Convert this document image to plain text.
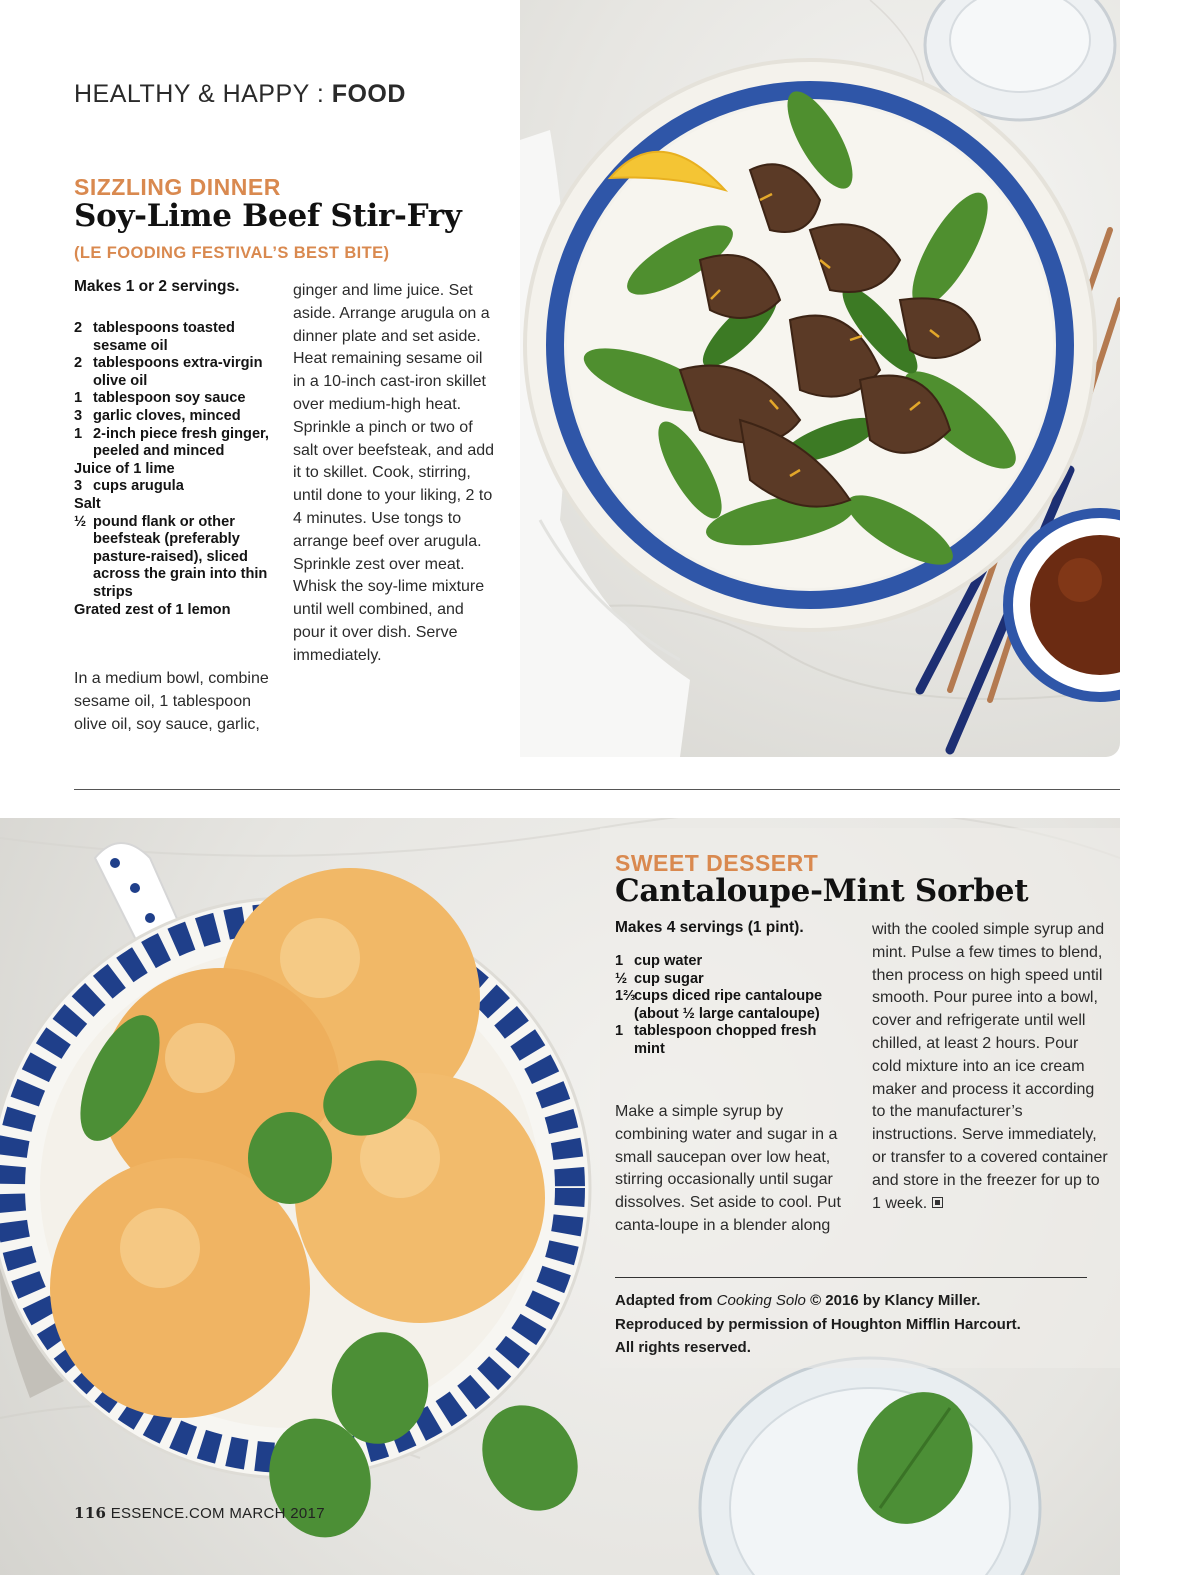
HEALTHY & HAPPY : FOOD
SIZZLING DINNER
Soy-Lime Beef Stir-Fry
(LE FOODING FESTIVAL’S BEST BITE)
Makes 1 or 2 servings.
2 tablespoons toasted sesame oil
2 tablespoons extra-virgin olive oil
1 tablespoon soy sauce
3 garlic cloves, minced
1 2-inch piece fresh ginger, peeled and minced
Juice of 1 lime
3 cups arugula
Salt
½ pound flank or other beefsteak (preferably pasture-raised), sliced across the grain into thin strips
Grated zest of 1 lemon
In a medium bowl, combine sesame oil, 1 tablespoon olive oil, soy sauce, garlic,
ginger and lime juice. Set aside. Arrange arugula on a dinner plate and set aside. Heat remaining sesame oil in a 10-inch cast-iron skillet over medium-high heat. Sprinkle a pinch or two of salt over beefsteak, and add it to skillet. Cook, stirring, until done to your liking, 2 to 4 minutes. Use tongs to arrange beef over arugula. Sprinkle zest over meat. Whisk the soy-lime mixture until well combined, and pour it over dish. Serve immediately.
SWEET DESSERT
Cantaloupe-Mint Sorbet
Makes 4 servings (1 pint).
1 cup water
½ cup sugar
1⅔
cups diced ripe cantaloupe (about ½ large cantaloupe)
1 tablespoon chopped fresh mint
Make a simple syrup by combining water and sugar in a small saucepan over low heat, stirring occasionally until sugar dissolves. Set aside to cool. Put canta-loupe in a blender along
with the cooled simple syrup and mint. Pulse a few times to blend, then process on high speed until smooth. Pour puree into a bowl, cover and refrigerate until well chilled, at least 2 hours. Pour cold mixture into an ice cream maker and process it according to the manufacturer’s instructions. Serve immediately, or transfer to a covered container and store in the freezer for up to 1 week.
Adapted from Cooking Solo © 2016 by Klancy Miller.
Reproduced by permission of Houghton Mifflin Harcourt.
All rights reserved.
116 ESSENCE.COM MARCH 2017
